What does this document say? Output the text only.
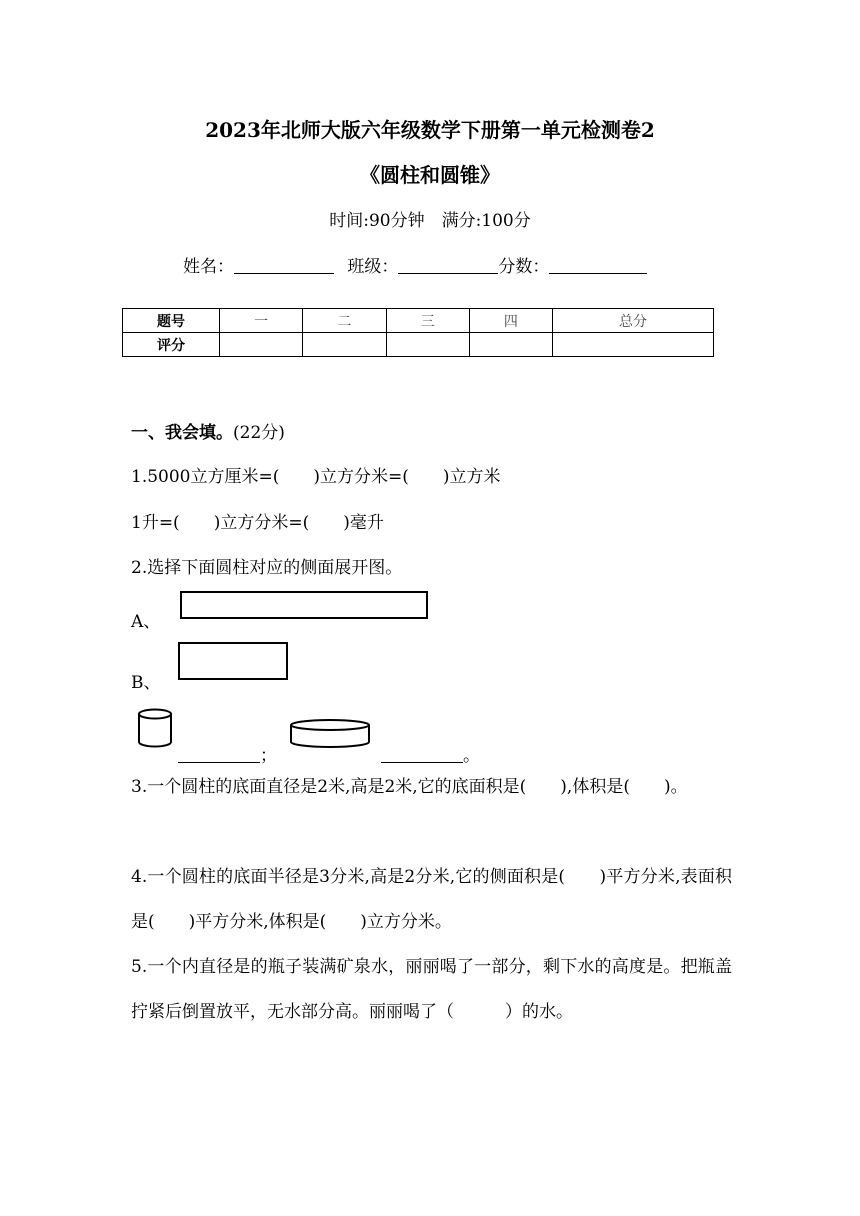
2023年北师大版六年级数学下册第一单元检测卷2
《圆柱和圆锥》
时间:90分钟　满分:100分
姓名：	班级：	分数：
题号	一	二	三	四	总分
评分					
一、我会填。(22分)
1.5000立方厘米=(　　)立方分米=(　　)立方米
1升=(　　)立方分米=(　　)毫升
2.选择下面圆柱对应的侧面展开图。
A、
B、
；	。
3.一个圆柱的底面直径是2米,高是2米,它的底面积是(　　),体积是(　　)。
4.一个圆柱的底面半径是3分米,高是2分米,它的侧面积是(　　)平方分米,表面积是(　　)平方分米,体积是(　　)立方分米。
5.一个内直径是的瓶子装满矿泉水，丽丽喝了一部分，剩下水的高度是。把瓶盖拧紧后倒置放平，无水部分高。丽丽喝了（　　　）的水。
